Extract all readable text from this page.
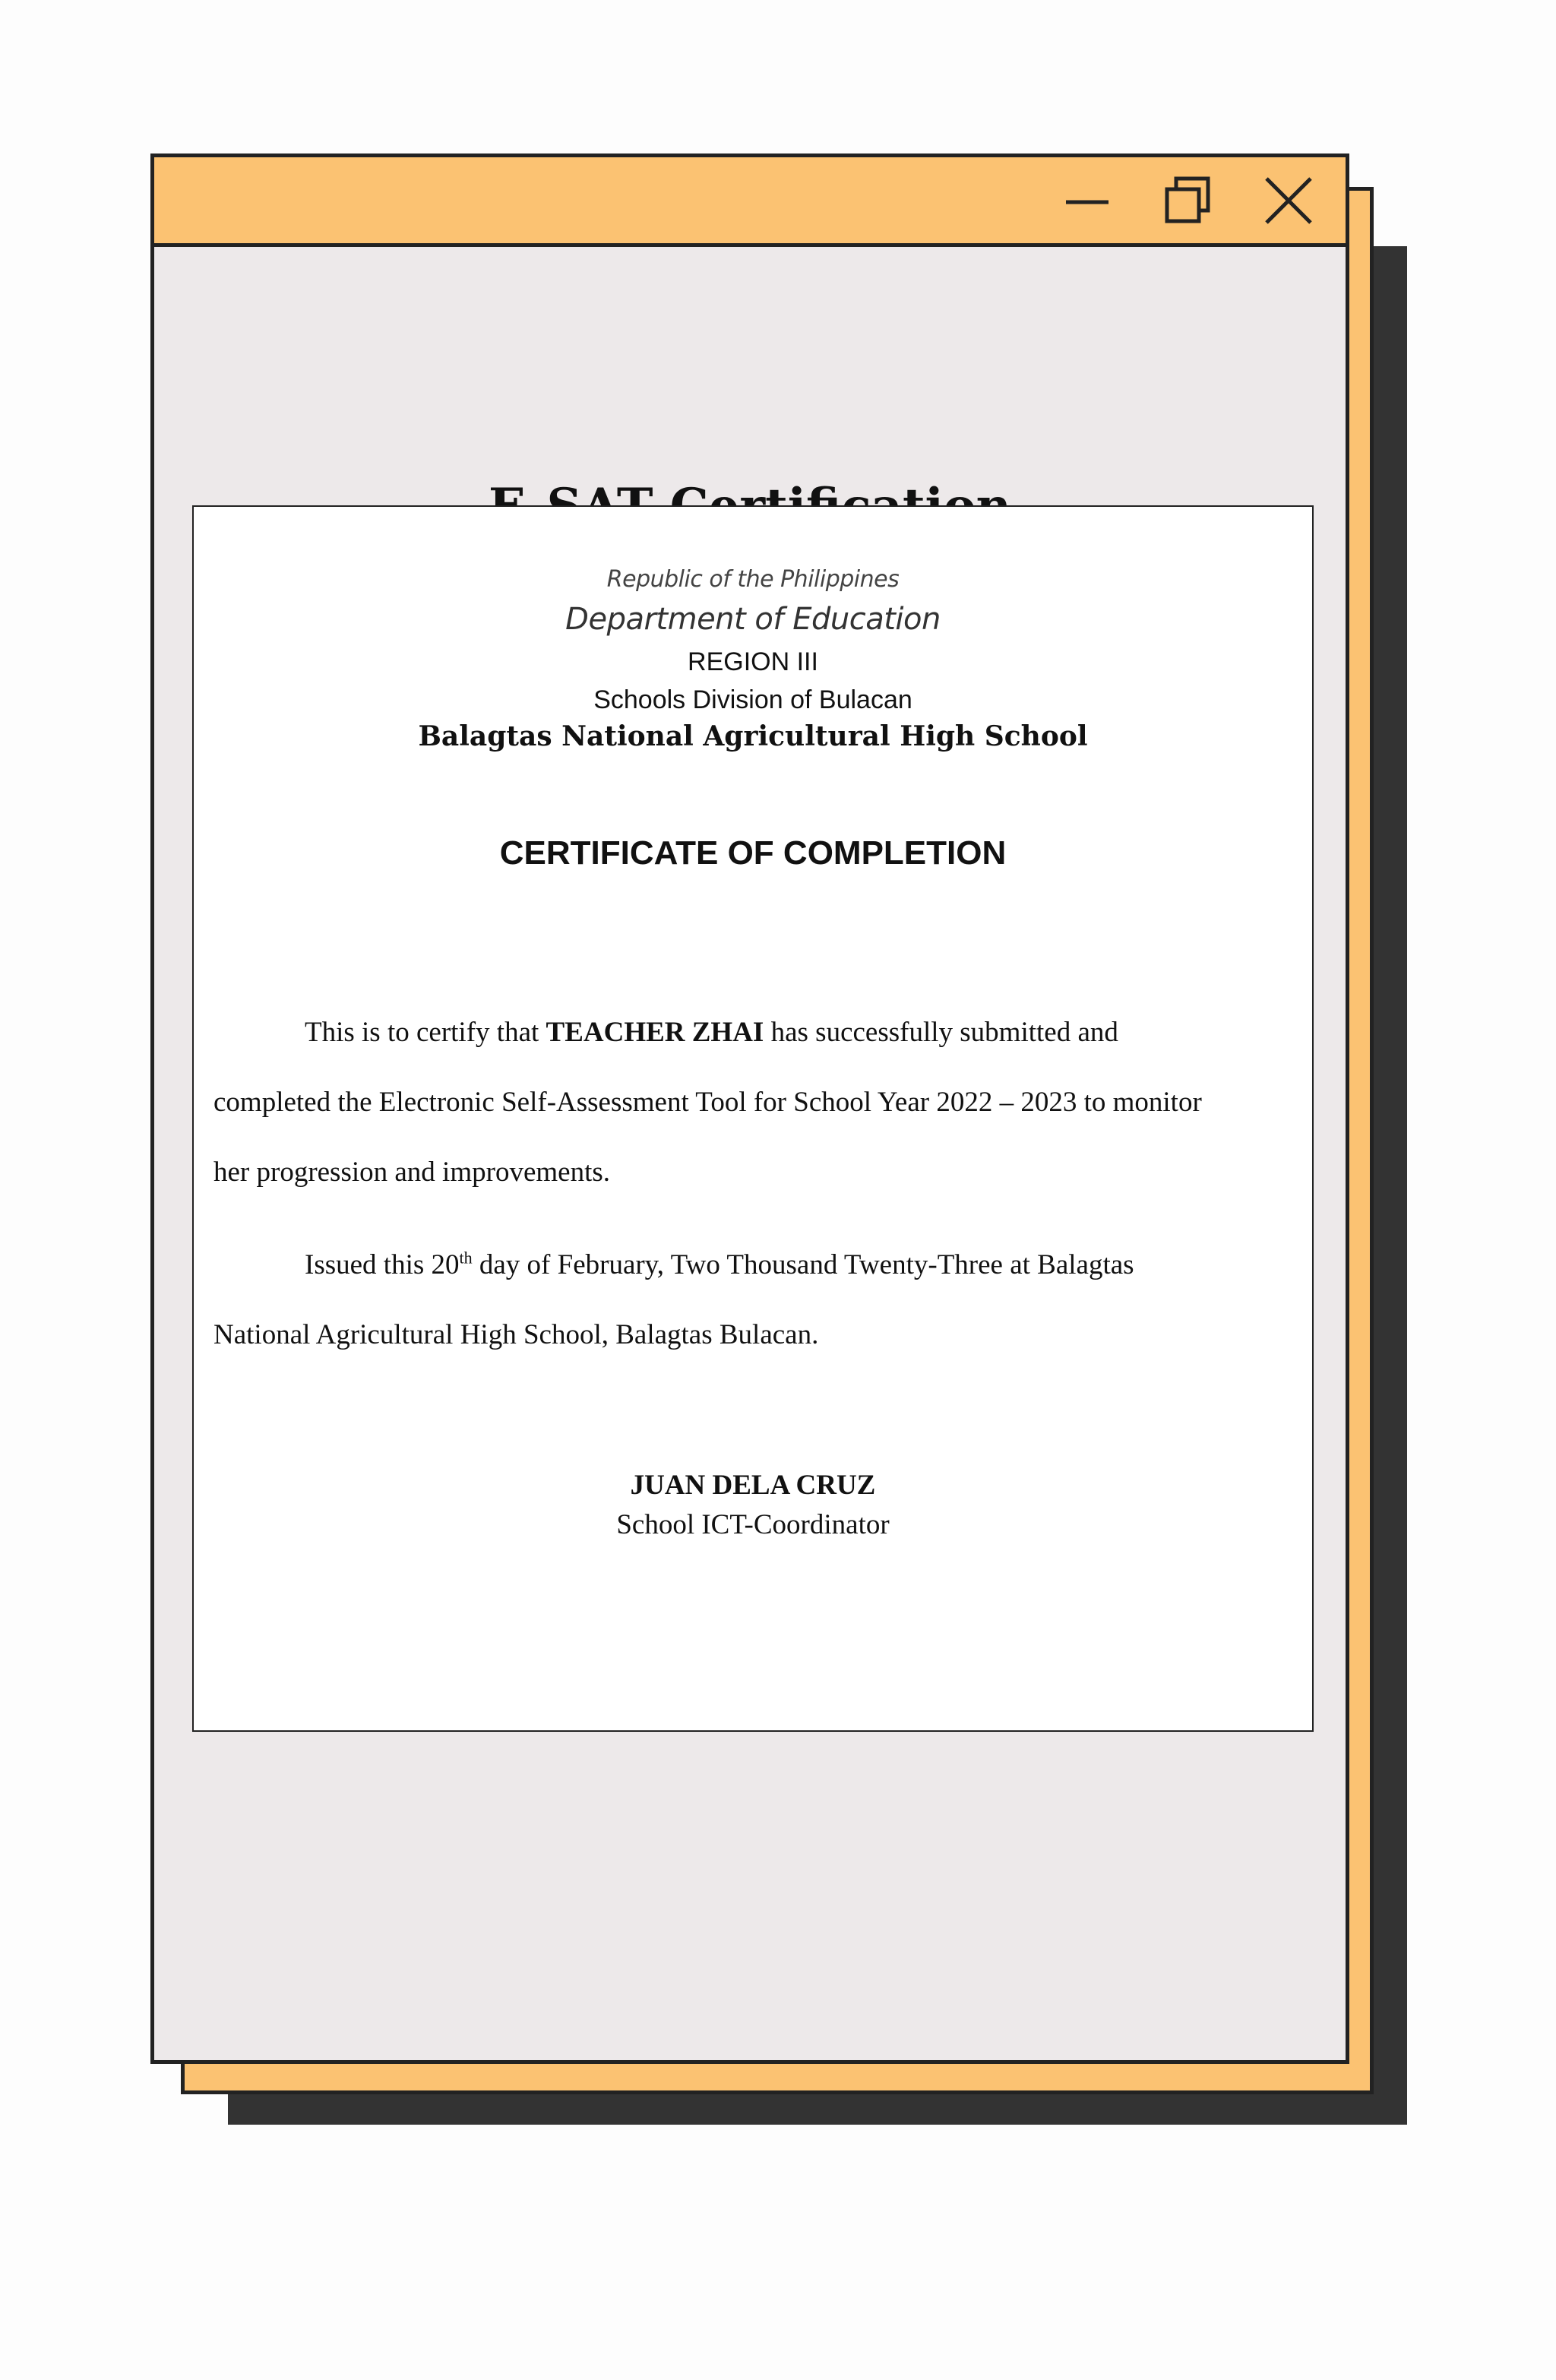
Republic of the Philippines

Department of Education

REGION III

Schools Division of Bulacan

Balagtas National Agricultural High School

CERTIFICATE OF COMPLETION

This is to certify that TEACHER ZHAI has successfully submitted and
completed the Electronic Self-Assessment Tool for School Year 2022 – 2023 to monitor
her progression and improvements.

Issued this 20th day of February, Two Thousand Twenty-Three at Balagtas
National Agricultural High School, Balagtas Bulacan.

JUAN DELA CRUZ

School ICT-Coordinator
